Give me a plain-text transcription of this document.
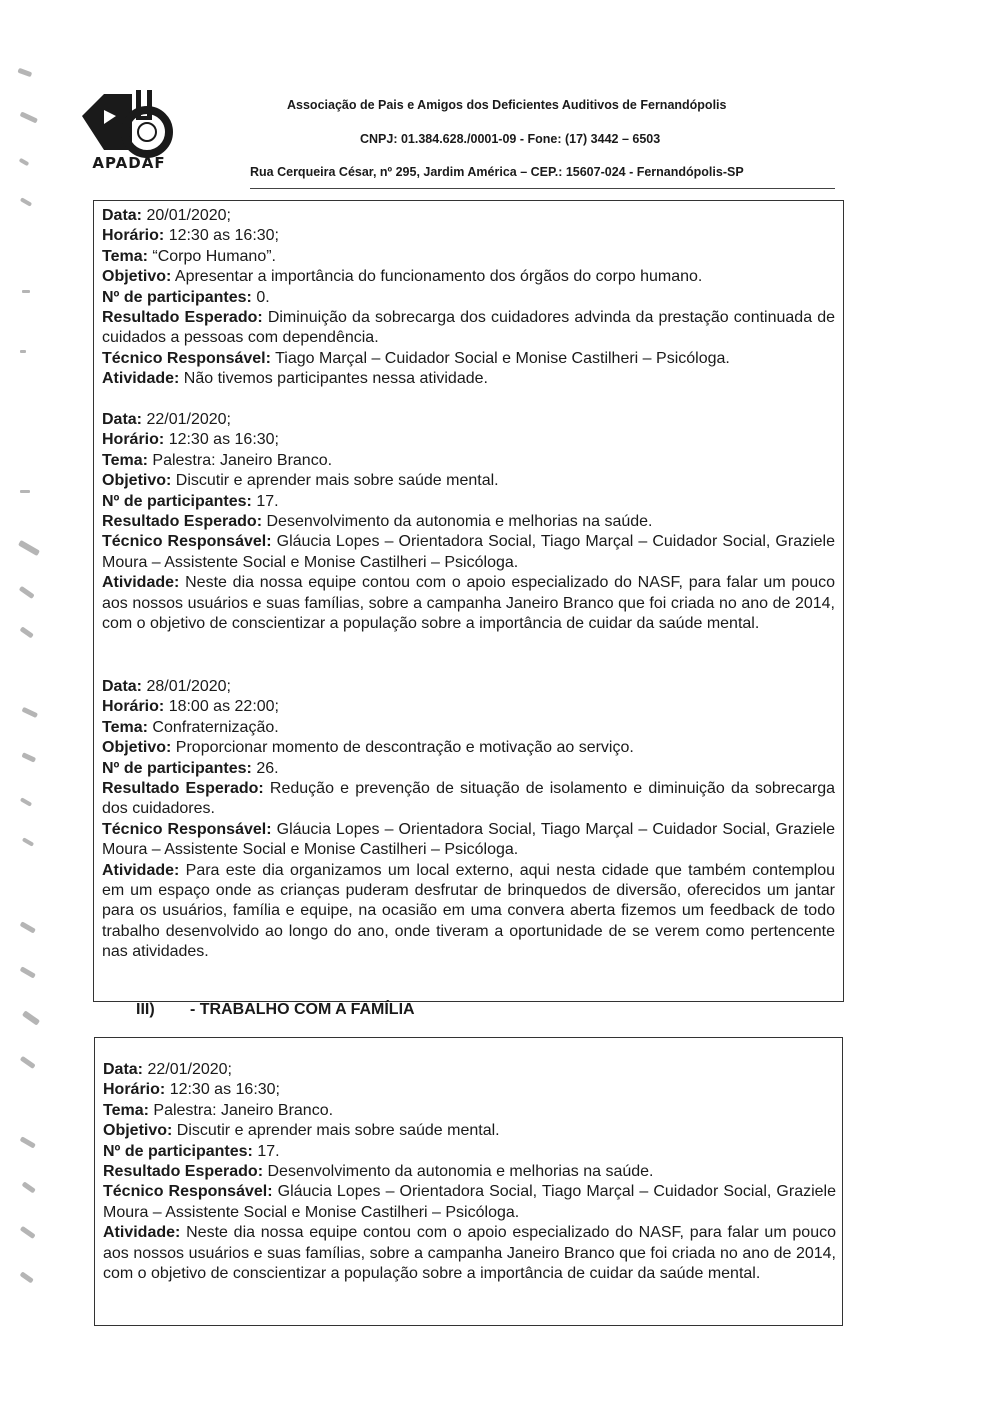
APADAF
Associação de Pais e Amigos dos Deficientes Auditivos de Fernandópolis
CNPJ: 01.384.628./0001-09 - Fone: (17) 3442 – 6503
Rua Cerqueira César, nº 295, Jardim América – CEP.: 15607-024 - Fernandópolis-SP
Data: 20/01/2020;
Horário: 12:30 as 16:30;
Tema: “Corpo Humano”.
Objetivo: Apresentar a importância do funcionamento dos órgãos do corpo humano.
Nº de participantes: 0.
Resultado Esperado: Diminuição da sobrecarga dos cuidadores advinda da prestação continuada de cuidados a pessoas com dependência.
Técnico Responsável: Tiago Marçal – Cuidador Social e Monise Castilheri – Psicóloga.
Atividade: Não tivemos participantes nessa atividade.
Data: 22/01/2020;
Horário: 12:30 as 16:30;
Tema: Palestra: Janeiro Branco.
Objetivo: Discutir e aprender mais sobre saúde mental.
Nº de participantes: 17.
Resultado Esperado: Desenvolvimento da autonomia e melhorias na saúde.
Técnico Responsável: Gláucia Lopes – Orientadora Social, Tiago Marçal – Cuidador Social, Graziele Moura – Assistente Social e Monise Castilheri – Psicóloga.
Atividade: Neste dia nossa equipe contou com o apoio especializado do NASF, para falar um pouco aos nossos usuários e suas famílias, sobre a campanha Janeiro Branco que foi criada no ano de 2014, com o objetivo de conscientizar a população sobre a importância de cuidar da saúde mental.
Data: 28/01/2020;
Horário: 18:00 as 22:00;
Tema: Confraternização.
Objetivo: Proporcionar momento de descontração e motivação ao serviço.
Nº de participantes: 26.
Resultado Esperado: Redução e prevenção de situação de isolamento e diminuição da sobrecarga dos cuidadores.
Técnico Responsável: Gláucia Lopes – Orientadora Social, Tiago Marçal – Cuidador Social, Graziele Moura – Assistente Social e Monise Castilheri – Psicóloga.
Atividade: Para este dia organizamos um local externo, aqui nesta cidade que também contemplou em um espaço onde as crianças puderam desfrutar de brinquedos de diversão, oferecidos um jantar para os usuários, família e equipe, na ocasião em uma convera aberta fizemos um feedback de todo trabalho desenvolvido ao longo do ano, onde tiveram a oportunidade de se verem como pertencente nas atividades.
III) - TRABALHO COM A FAMÍLIA
Data: 22/01/2020;
Horário: 12:30 as 16:30;
Tema: Palestra: Janeiro Branco.
Objetivo: Discutir e aprender mais sobre saúde mental.
Nº de participantes: 17.
Resultado Esperado: Desenvolvimento da autonomia e melhorias na saúde.
Técnico Responsável: Gláucia Lopes – Orientadora Social, Tiago Marçal – Cuidador Social, Graziele Moura – Assistente Social e Monise Castilheri – Psicóloga.
Atividade: Neste dia nossa equipe contou com o apoio especializado do NASF, para falar um pouco aos nossos usuários e suas famílias, sobre a campanha Janeiro Branco que foi criada no ano de 2014, com o objetivo de conscientizar a população sobre a importância de cuidar da saúde mental.
